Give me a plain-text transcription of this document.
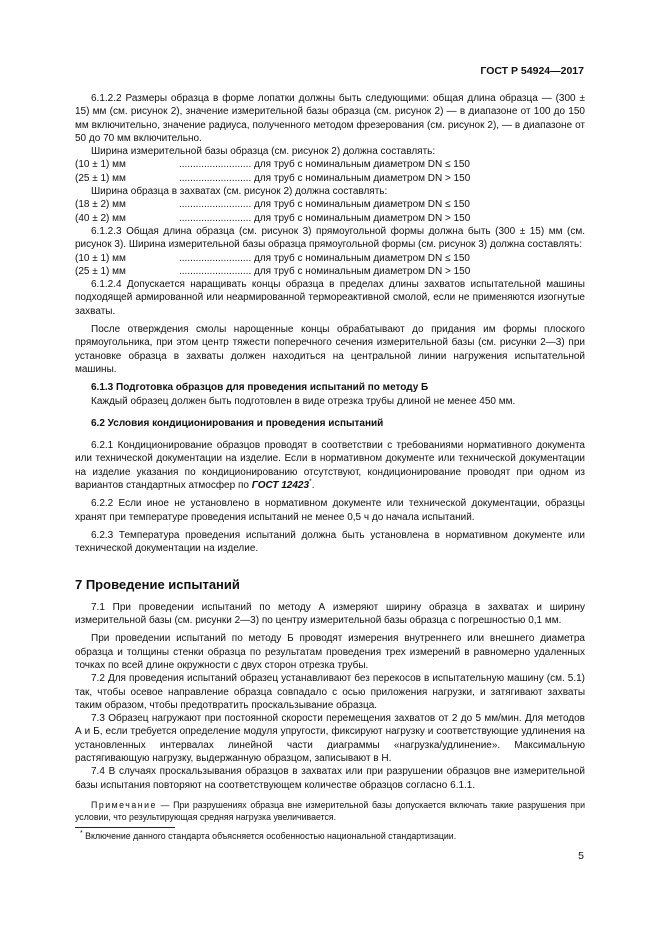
ГОСТ Р 54924—2017

6.1.2.2 Размеры образца в форме лопатки должны быть следующими: общая длина образца — (300 ± 15) мм (см. рисунок 2), значение измерительной базы образца (см. рисунок 2) — в диапазоне от 100 до 150 мм включительно, значение радиуса, полученного методом фрезерования (см. рисунок 2), — в диапазоне от 50 до 70 мм включительно.

Ширина измерительной базы образца (см. рисунок 2) должна составлять:

(10 ± 1) мм	.......................... для труб с номинальным диаметром DN ≤ 150
(25 ± 1) мм	.......................... для труб с номинальным диаметром DN > 150

Ширина образца в захватах (см. рисунок 2) должна составлять:

(18 ± 2) мм	.......................... для труб с номинальным диаметром DN ≤ 150
(40 ± 2) мм	.......................... для труб с номинальным диаметром DN > 150

6.1.2.3 Общая длина образца (см. рисунок 3) прямоугольной формы должна быть (300 ± 15) мм (см. рисунок 3). Ширина измерительной базы образца прямоугольной формы (см. рисунок 3) должна составлять:

(10 ± 1) мм	.......................... для труб с номинальным диаметром DN ≤ 150
(25 ± 1) мм	.......................... для труб с номинальным диаметром DN > 150

6.1.2.4 Допускается наращивать концы образца в пределах длины захватов испытательной машины подходящей армированной или неармированной термореактивной смолой, если не применяются изогнутые захваты.

После отверждения смолы нарощенные концы обрабатывают до придания им формы плоского прямоугольника, при этом центр тяжести поперечного сечения измерительной базы (см. рисунки 2—3) при установке образца в захваты должен находиться на центральной линии нагружения испытательной машины.

6.1.3 Подготовка образцов для проведения испытаний по методу Б

Каждый образец должен быть подготовлен в виде отрезка трубы длиной не менее 450 мм.

6.2 Условия кондиционирования и проведения испытаний

6.2.1 Кондиционирование образцов проводят в соответствии с требованиями нормативного документа или технической документации на изделие. Если в нормативном документе или технической документации на изделие указания по кондиционированию отсутствуют, кондиционирование проводят при одном из вариантов стандартных атмосфер по ГОСТ 12423*.

6.2.2 Если иное не установлено в нормативном документе или технической документации, образцы хранят при температуре проведения испытаний не менее 0,5 ч до начала испытаний.

6.2.3 Температура проведения испытаний должна быть установлена в нормативном документе или технической документации на изделие.

7 Проведение испытаний

7.1 При проведении испытаний по методу А измеряют ширину образца в захватах и ширину измерительной базы (см. рисунки 2—3) по центру измерительной базы образца с погрешностью 0,1 мм.

При проведении испытаний по методу Б проводят измерения внутреннего или внешнего диаметра образца и толщины стенки образца по результатам проведения трех измерений в равномерно удаленных точках по всей длине окружности с двух сторон отрезка трубы.

7.2 Для проведения испытаний образец устанавливают без перекосов в испытательную машину (см. 5.1) так, чтобы осевое направление образца совпадало с осью приложения нагрузки, и затягивают захваты таким образом, чтобы предотвратить проскальзывание образца.

7.3 Образец нагружают при постоянной скорости перемещения захватов от 2 до 5 мм/мин. Для методов А и Б, если требуется определение модуля упругости, фиксируют нагрузку и соответствующие удлинения на установленных интервалах линейной части диаграммы «нагрузка/удлинение». Максимальную растягивающую нагрузку, выдержанную образцом, записывают в Н.

7.4 В случаях проскальзывания образцов в захватах или при разрушении образцов вне измерительной базы испытания повторяют на соответствующем количестве образцов согласно 6.1.1.

Примечание — При разрушениях образца вне измерительной базы допускается включать такие разрушения при условии, что результирующая средняя нагрузка увеличивается.

* Включение данного стандарта объясняется особенностью национальной стандартизации.
5
